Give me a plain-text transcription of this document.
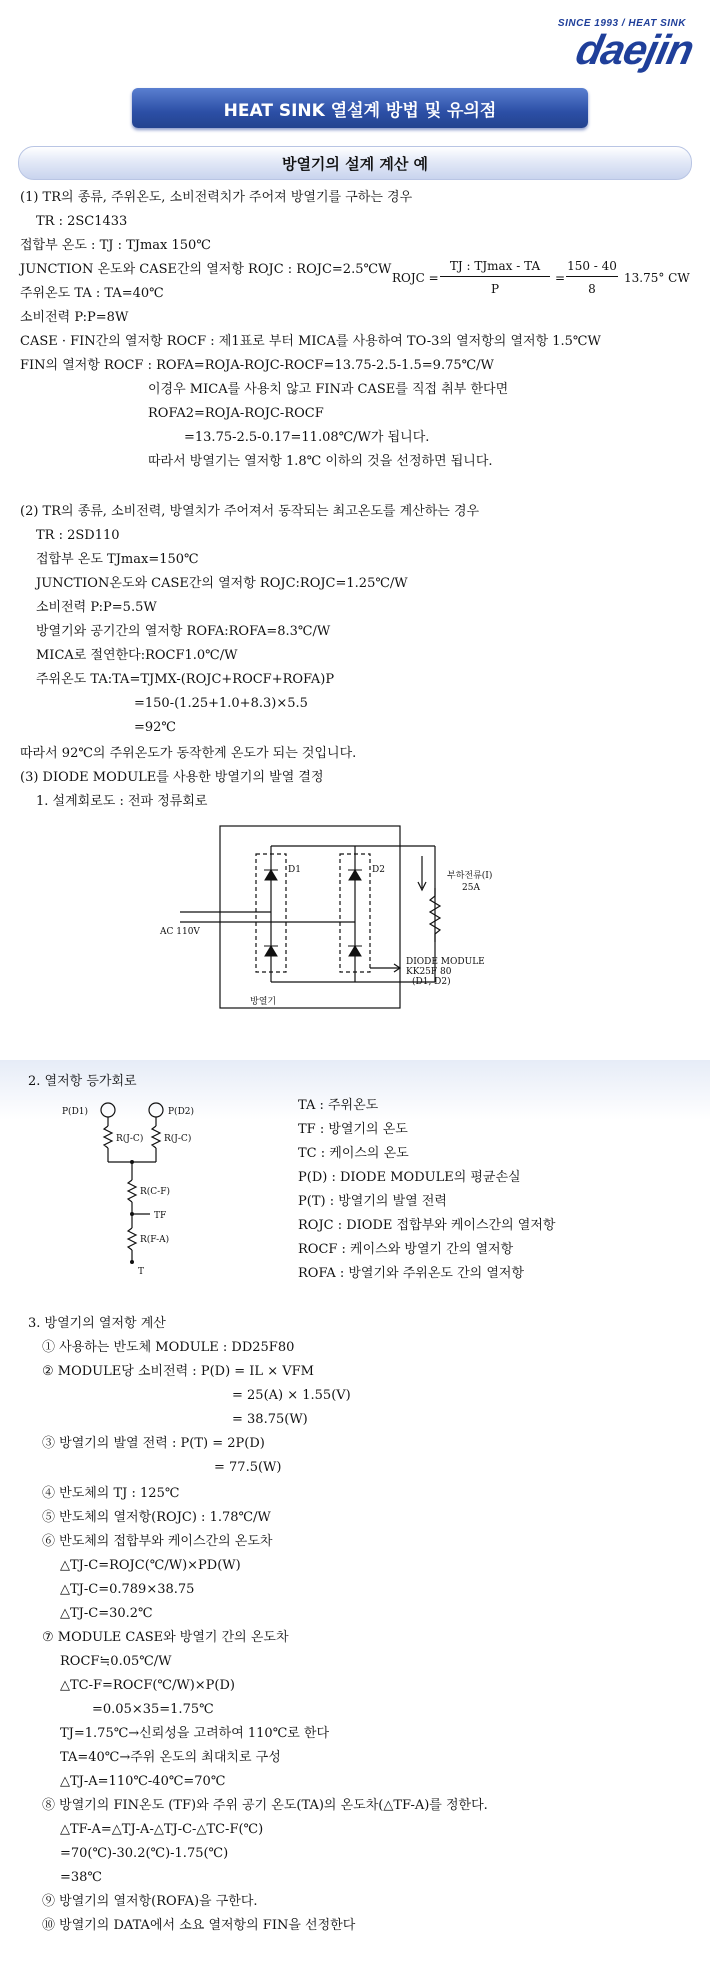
SINCE 1993 / HEAT SINK
daejin
HEAT SINK 열설계 방법 및 유의점
방열기의 설계 계산 예
(1) TR의 종류, 주위온도, 소비전력치가 주어져 방열기를 구하는 경우
TR : 2SC1433
접합부 온도 : TJ : TJmax 150℃
JUNCTION 온도와 CASE간의 열저항 ROJC : ROJC=2.5℃W
주위온도 TA : TA=40℃
소비전력 P:P=8W
CASE · FIN간의 열저항 ROCF : 제1표로 부터 MICA를 사용하여 TO-3의 열저항의 열저항 1.5℃W
FIN의 열저항 ROCF : ROFA=ROJA-ROJC-ROCF=13.75-2.5-1.5=9.75℃/W
이경우 MICA를 사용치 않고 FIN과 CASE를 직접 취부 한다면
ROFA2=ROJA-ROJC-ROCF
=13.75-2.5-0.17=11.08℃/W가 됩니다.
따라서 방열기는 열저항 1.8℃ 이하의 것을 선정하면 됩니다.
ROJC =
TJ : TJmax - TA
P
=
150 - 40
8
13.75° CW
(2) TR의 종류, 소비전력, 방열치가 주어져서 동작되는 최고온도를 계산하는 경우
TR : 2SD110
접합부 온도 TJmax=150℃
JUNCTION온도와 CASE간의 열저항 ROJC:ROJC=1.25℃/W
소비전력 P:P=5.5W
방열기와 공기간의 열저항 ROFA:ROFA=8.3℃/W
MICA로 절연한다:ROCF1.0℃/W
주위온도 TA:TA=TJMX-(ROJC+ROCF+ROFA)P
=150-(1.25+1.0+8.3)×5.5
=92℃
따라서 92℃의 주위온도가 동작한계 온도가 되는 것입니다.
(3) DIODE MODULE를 사용한 방열기의 발열 결정
1. 설계회로도 : 전파 정류회로
D1	D2
부하전류(I)
25A
AC 110V
DIODE MODULE
KK25F 80
(D1, D2)
방열기
2. 열저항 등가회로
P(D1)	P(D2)
R(J-C) R(J-C)
R(C-F)
TF
R(F-A)
T
TA : 주위온도
TF : 방열기의 온도
TC : 케이스의 온도
P(D) : DIODE MODULE의 평균손실
P(T) : 방열기의 발열 전력
ROJC : DIODE 접합부와 케이스간의 열저항
ROCF : 케이스와 방열기 간의 열저항
ROFA : 방열기와 주위온도 간의 열저항
3. 방열기의 열저항 계산
① 사용하는 반도체 MODULE : DD25F80
② MODULE당 소비전력 : P(D) = IL × VFM
= 25(A) × 1.55(V)
= 38.75(W)
③ 방열기의 발열 전력 : P(T) = 2P(D)
= 77.5(W)
④ 반도체의 TJ : 125℃
⑤ 반도체의 열저항(ROJC) : 1.78℃/W
⑥ 반도체의 접합부와 케이스간의 온도차
△TJ-C=ROJC(℃/W)×PD(W)
△TJ-C=0.789×38.75
△TJ-C=30.2℃
⑦ MODULE CASE와 방열기 간의 온도차
ROCF≒0.05℃/W
△TC-F=ROCF(℃/W)×P(D)
=0.05×35=1.75℃
TJ=1.75℃→신뢰성을 고려하여 110℃로 한다
TA=40℃→주위 온도의 최대치로 구성
△TJ-A=110℃-40℃=70℃
⑧ 방열기의 FIN온도 (TF)와 주위 공기 온도(TA)의 온도차(△TF-A)를 정한다.
△TF-A=△TJ-A-△TJ-C-△TC-F(℃)
=70(℃)-30.2(℃)-1.75(℃)
=38℃
⑨ 방열기의 열저항(ROFA)을 구한다.
⑩ 방열기의 DATA에서 소요 열저항의 FIN을 선정한다
